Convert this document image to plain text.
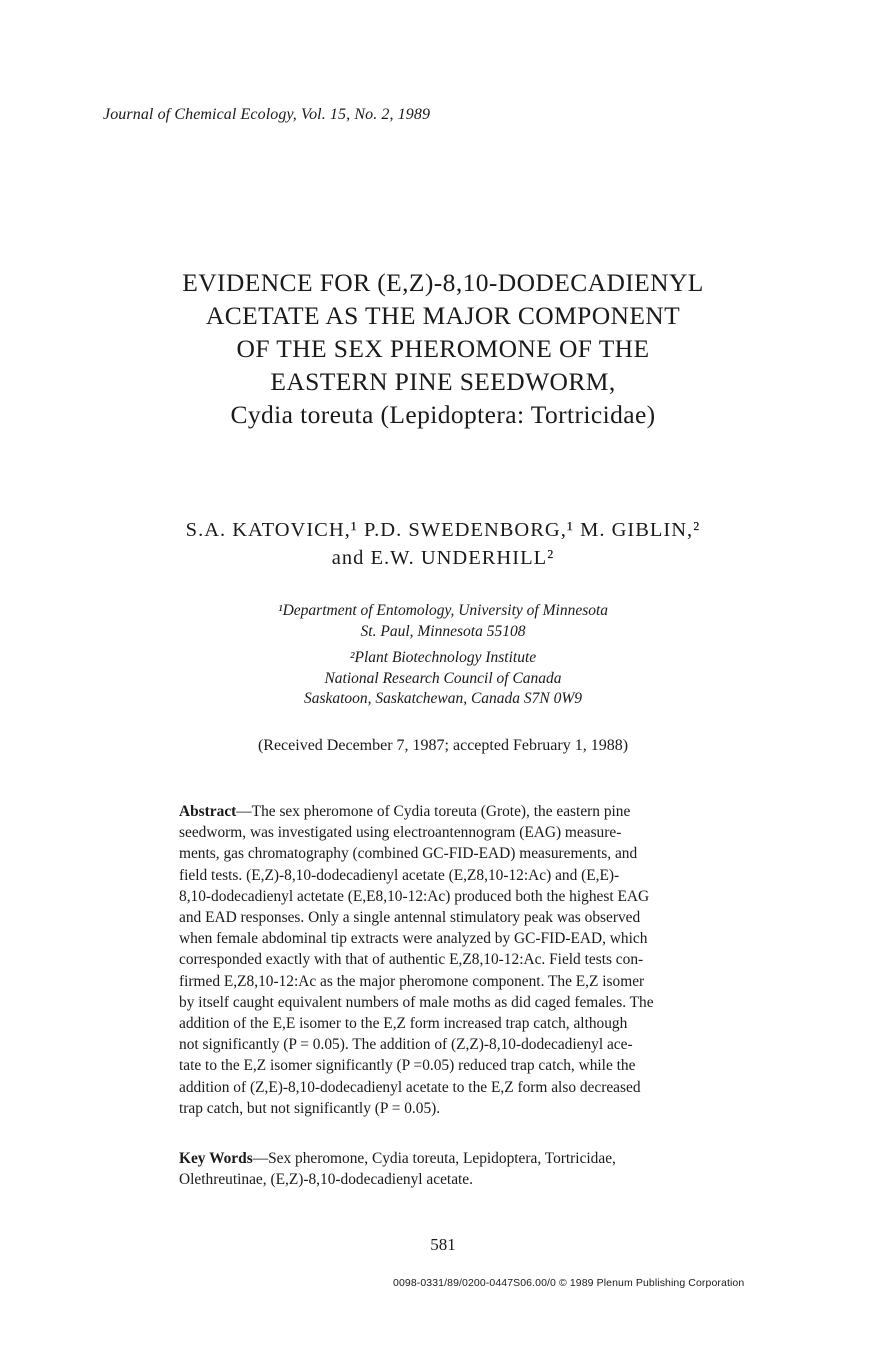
Journal of Chemical Ecology, Vol. 15, No. 2, 1989
EVIDENCE FOR (E,Z)-8,10-DODECADIENYL
ACETATE AS THE MAJOR COMPONENT
OF THE SEX PHEROMONE OF THE
EASTERN PINE SEEDWORM,
Cydia toreuta (Lepidoptera: Tortricidae)
S.A. KATOVICH,¹ P.D. SWEDENBORG,¹ M. GIBLIN,²
and E.W. UNDERHILL²
¹Department of Entomology, University of Minnesota
St. Paul, Minnesota 55108
²Plant Biotechnology Institute
National Research Council of Canada
Saskatoon, Saskatchewan, Canada S7N 0W9
(Received December 7, 1987; accepted February 1, 1988)
Abstract—The sex pheromone of Cydia toreuta (Grote), the eastern pine
seedworm, was investigated using electroantennogram (EAG) measure-
ments, gas chromatography (combined GC-FID-EAD) measurements, and
field tests. (E,Z)-8,10-dodecadienyl acetate (E,Z8,10-12:Ac) and (E,E)-
8,10-dodecadienyl actetate (E,E8,10-12:Ac) produced both the highest EAG
and EAD responses. Only a single antennal stimulatory peak was observed
when female abdominal tip extracts were analyzed by GC-FID-EAD, which
corresponded exactly with that of authentic E,Z8,10-12:Ac. Field tests con-
firmed E,Z8,10-12:Ac as the major pheromone component. The E,Z isomer
by itself caught equivalent numbers of male moths as did caged females. The
addition of the E,E isomer to the E,Z form increased trap catch, although
not significantly (P = 0.05). The addition of (Z,Z)-8,10-dodecadienyl ace-
tate to the E,Z isomer significantly (P =0.05) reduced trap catch, while the
addition of (Z,E)-8,10-dodecadienyl acetate to the E,Z form also decreased
trap catch, but not significantly (P = 0.05).
Key Words—Sex pheromone, Cydia toreuta, Lepidoptera, Tortricidae,
Olethreutinae, (E,Z)-8,10-dodecadienyl acetate.
581
0098-0331/89/0200-0447S06.00/0 © 1989 Plenum Publishing Corporation
